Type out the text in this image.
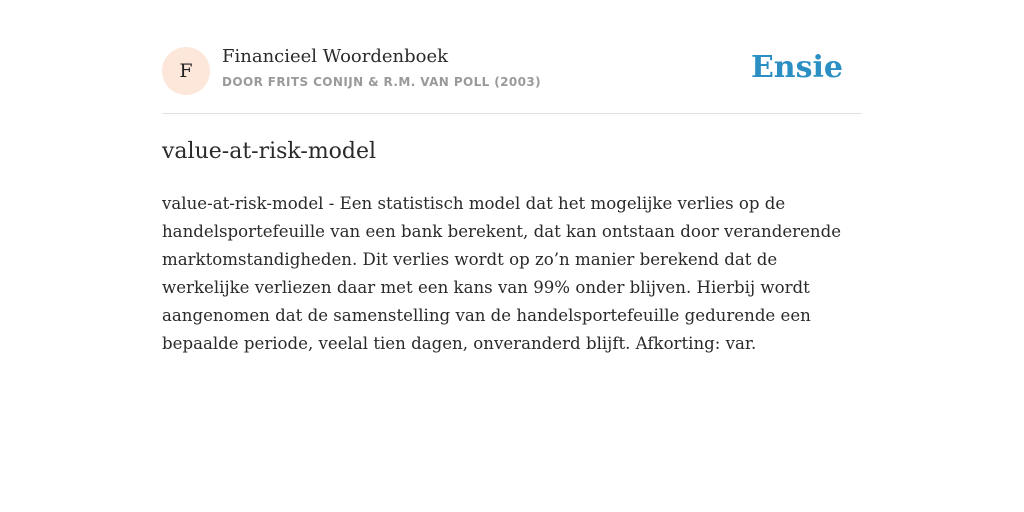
F
Financieel Woordenboek
DOOR FRITS CONIJN & R.M. VAN POLL (2003)	Ensie
value-at-risk-model

value-at-risk-model - Een statistisch model dat het mogelijke verlies op de handelsportefeuille van een bank berekent, dat kan ontstaan door veranderende marktomstandigheden. Dit verlies wordt op zo’n manier berekend dat de werkelijke verliezen daar met een kans van 99% onder blijven. Hierbij wordt aangenomen dat de samenstelling van de handelsportefeuille gedurende een bepaalde periode, veelal tien dagen, onveranderd blijft. Afkorting: var.
